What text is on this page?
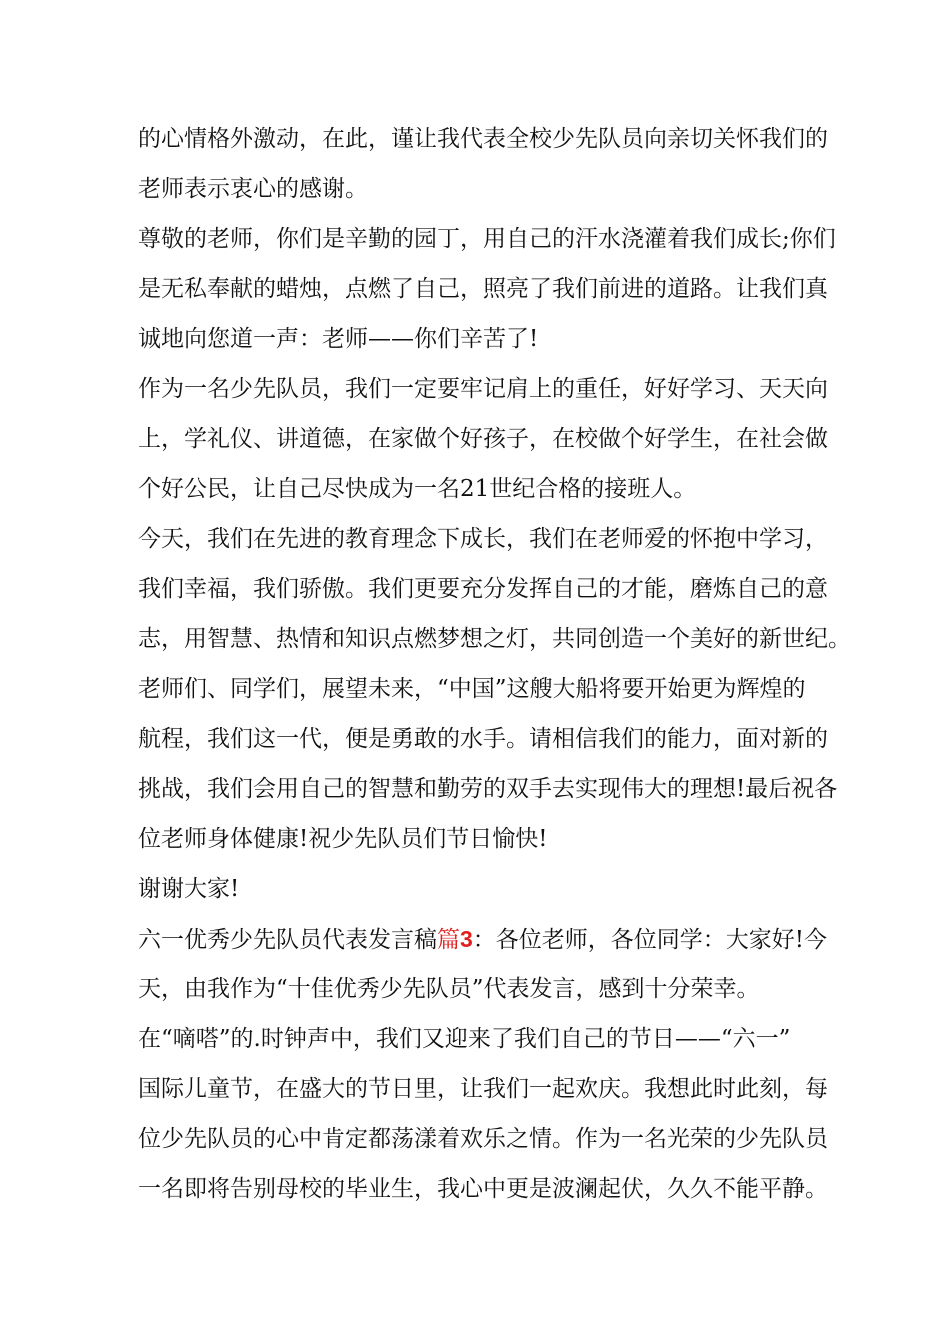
的心情格外激动，在此，谨让我代表全校少先队员向亲切关怀我们的
老师表示衷心的感谢。

尊敬的老师，你们是辛勤的园丁，用自己的汗水浇灌着我们成长;你们
是无私奉献的蜡烛，点燃了自己，照亮了我们前进的道路。让我们真
诚地向您道一声：老师——你们辛苦了!

作为一名少先队员，我们一定要牢记肩上的重任，好好学习、天天向
上，学礼仪、讲道德，在家做个好孩子，在校做个好学生，在社会做
个好公民，让自己尽快成为一名21世纪合格的接班人。

今天，我们在先进的教育理念下成长，我们在老师爱的怀抱中学习，
我们幸福，我们骄傲。我们更要充分发挥自己的才能，磨炼自己的意
志，用智慧、热情和知识点燃梦想之灯，共同创造一个美好的新世纪。

老师们、同学们，展望未来，“中国”这艘大船将要开始更为辉煌的
航程，我们这一代，便是勇敢的水手。请相信我们的能力，面对新的
挑战，我们会用自己的智慧和勤劳的双手去实现伟大的理想!最后祝各
位老师身体健康!祝少先队员们节日愉快!

谢谢大家!

六一优秀少先队员代表发言稿篇3：各位老师，各位同学：大家好!今
天，由我作为“十佳优秀少先队员”代表发言，感到十分荣幸。

在“嘀嗒”的.时钟声中，我们又迎来了我们自己的节日——“六一”
国际儿童节，在盛大的节日里，让我们一起欢庆。我想此时此刻，每
位少先队员的心中肯定都荡漾着欢乐之情。作为一名光荣的少先队员
一名即将告别母校的毕业生，我心中更是波澜起伏，久久不能平静。
